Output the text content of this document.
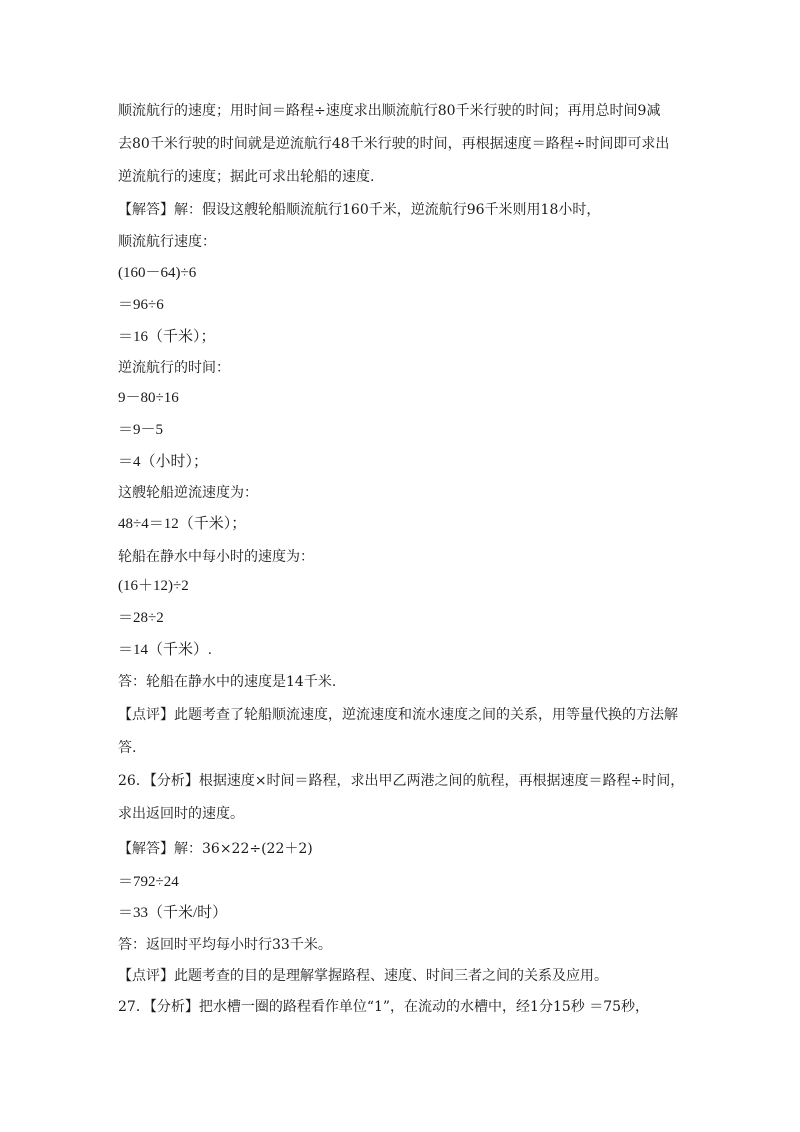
顺流航行的速度；用时间＝路程÷速度求出顺流航行80千米行驶的时间；再用总时间9减
去80千米行驶的时间就是逆流航行48千米行驶的时间，再根据速度＝路程÷时间即可求出
逆流航行的速度；据此可求出轮船的速度.
【解答】解：假设这艘轮船顺流航行160千米，逆流航行96千米则用18小时，
顺流航行速度：
(160－64)÷6
＝96÷6
＝16（千米）；
逆流航行的时间：
9－80÷16
＝9－5
＝4（小时）；
这艘轮船逆流速度为：
48÷4＝12（千米）；
轮船在静水中每小时的速度为：
(16＋12)÷2
＝28÷2
＝14（千米）.
答：轮船在静水中的速度是14千米.
【点评】此题考查了轮船顺流速度，逆流速度和流水速度之间的关系，用等量代换的方法解
答.
26．【分析】根据速度×时间＝路程，求出甲乙两港之间的航程，再根据速度＝路程÷时间，
求出返回时的速度。
【解答】解：36×22÷(22＋2)
＝792÷24
＝33（千米/时）
答：返回时平均每小时行33千米。
【点评】此题考查的目的是理解掌握路程、速度、时间三者之间的关系及应用。
27．【分析】把水槽一圈的路程看作单位“1”，在流动的水槽中，经1分15秒 ＝75秒，
